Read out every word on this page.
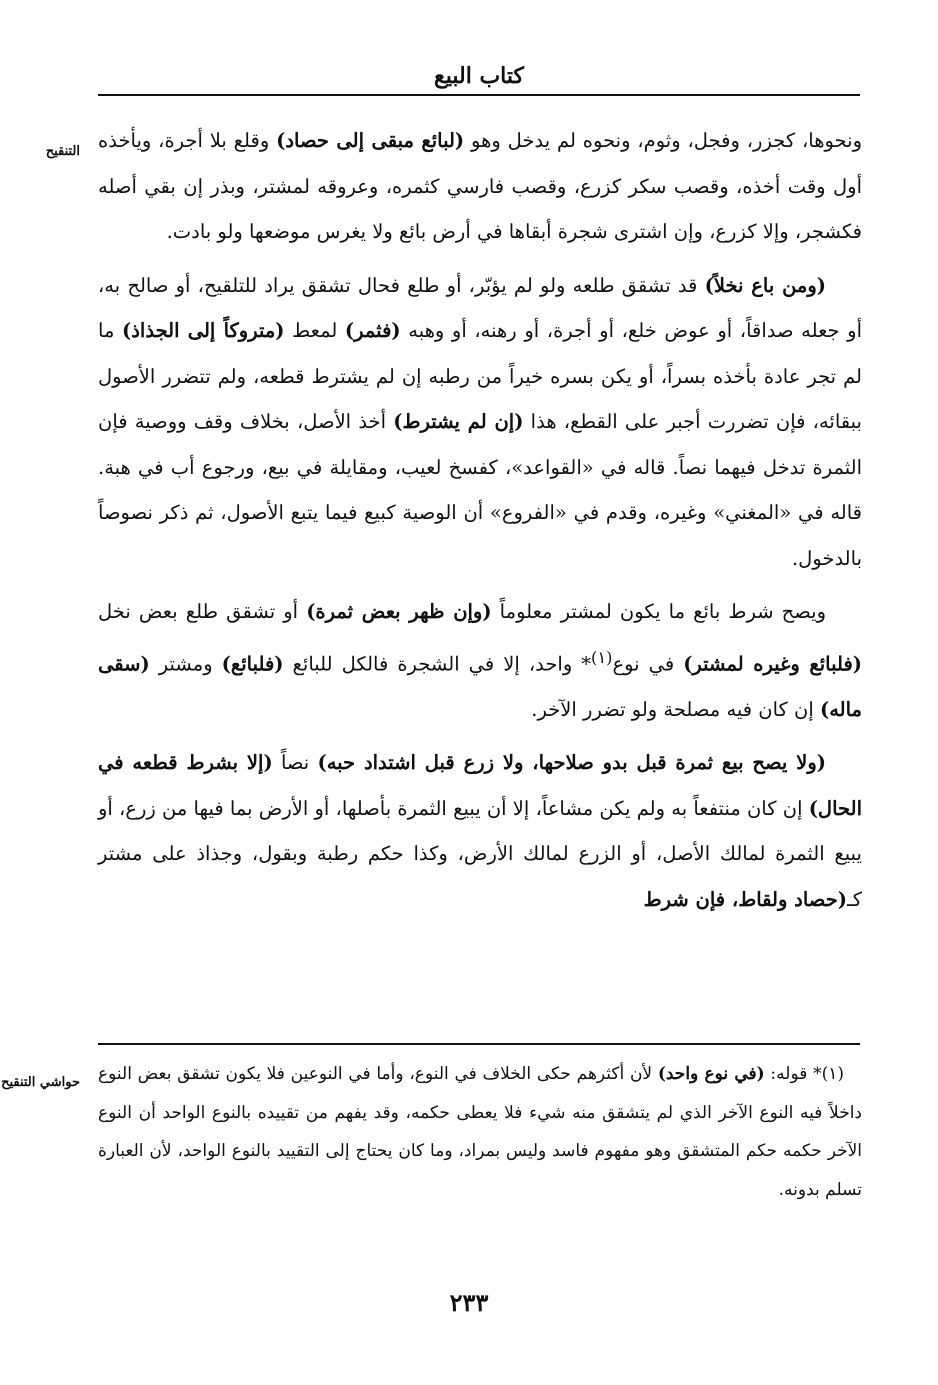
كتاب البيع
التنقيح	ونحوها، كجزر، وفجل، وثوم، ونحوه لم يدخل وهو (لبائع مبقى إلى حصاد) وقلع بلا أجرة، ويأخذه أول وقت أخذه، وقصب سكر كزرع، وقصب فارسي كثمره، وعروقه لمشتر، وبذر إن بقي أصله فكشجر، وإلا كزرع، وإن اشترى شجرة أبقاها في أرض بائع ولا يغرس موضعها ولو بادت.

(ومن باع نخلاً) قد تشقق طلعه ولو لم يؤبّر، أو طلع فحال تشقق يراد للتلقيح، أو صالح به، أو جعله صداقاً، أو عوض خلع، أو أجرة، أو رهنه، أو وهبه (فثمر) لمعط (متروكاً إلى الجذاذ) ما لم تجر عادة بأخذه بسراً، أو يكن بسره خيراً من رطبه إن لم يشترط قطعه، ولم تتضرر الأصول ببقائه، فإن تضررت أجبر على القطع، هذا (إن لم يشترط) أخذ الأصل، بخلاف وقف ووصية فإن الثمرة تدخل فيهما نصاً. قاله في «القواعد»، كفسخ لعيب، ومقايلة في بيع، ورجوع أب في هبة. قاله في «المغني» وغيره، وقدم في «الفروع» أن الوصية كبيع فيما يتبع الأصول، ثم ذكر نصوصاً بالدخول.

ويصح شرط بائع ما يكون لمشتر معلوماً (وإن ظهر بعض ثمرة) أو تشقق طلع بعض نخل (فلبائع وغيره لمشتر) في نوع$^{(١)}$* واحد، إلا في الشجرة فالكل للبائع (فلبائع) ومشتر (سقى ماله) إن كان فيه مصلحة ولو تضرر الآخر.

(ولا يصح بيع ثمرة قبل بدو صلاحها، ولا زرع قبل اشتداد حبه) نصاً (إلا بشرط قطعه في الحال) إن كان منتفعاً به ولم يكن مشاعاً، إلا أن يبيع الثمرة بأصلها، أو الأرض بما فيها من زرع، أو يبيع الثمرة لمالك الأصل، أو الزرع لمالك الأرض، وكذا حكم رطبة وبقول، وجذاذ على مشتر كـ(حصاد ولقاط، فإن شرط

حواشي التنقيح	(١)* قوله: (في نوع واحد) لأن أكثرهم حكى الخلاف في النوع، وأما في النوعين فلا يكون تشقق بعض النوع داخلاً فيه النوع الآخر الذي لم يتشقق منه شيء فلا يعطى حكمه، وقد يفهم من تقييده بالنوع الواحد أن النوع الآخر حكمه حكم المتشقق وهو مفهوم فاسد وليس بمراد، وما كان يحتاج إلى التقييد بالنوع الواحد، لأن العبارة تسلم بدونه.

٢٣٣
